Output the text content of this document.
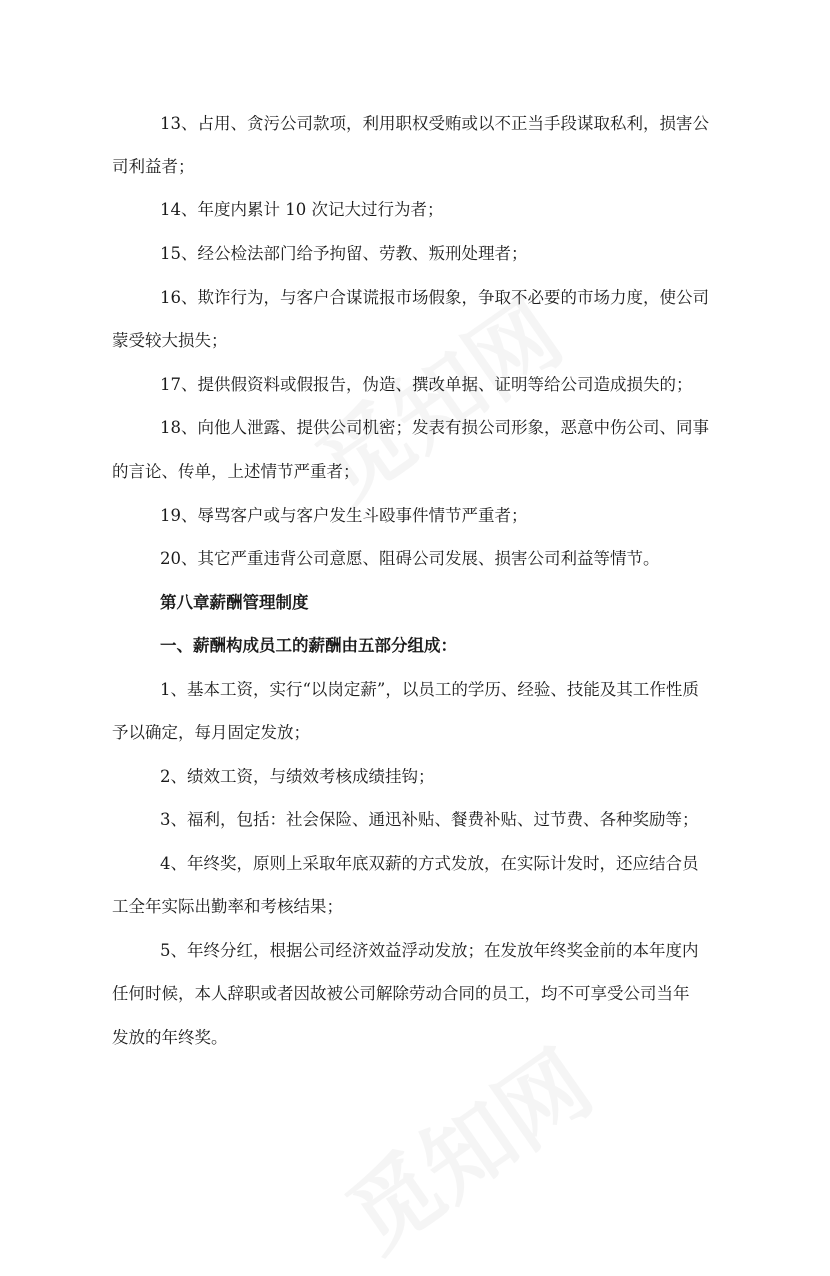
13、占用、贪污公司款项，利用职权受贿或以不正当手段谋取私利，损害公
司利益者；
14、年度内累计 10 次记大过行为者；
15、经公检法部门给予拘留、劳教、叛刑处理者；
16、欺诈行为，与客户合谋谎报市场假象，争取不必要的市场力度，使公司
蒙受较大损失；
17、提供假资料或假报告，伪造、撰改单据、证明等给公司造成损失的；
18、向他人泄露、提供公司机密；发表有损公司形象，恶意中伤公司、同事
的言论、传单，上述情节严重者；
19、辱骂客户或与客户发生斗殴事件情节严重者；
20、其它严重违背公司意愿、阻碍公司发展、损害公司利益等情节。
第八章薪酬管理制度
一、薪酬构成员工的薪酬由五部分组成：
1、基本工资，实行“以岗定薪”，以员工的学历、经验、技能及其工作性质
予以确定，每月固定发放；
2、绩效工资，与绩效考核成绩挂钩；
3、福利，包括：社会保险、通迅补贴、餐费补贴、过节费、各种奖励等；
4、年终奖，原则上采取年底双薪的方式发放，在实际计发时，还应结合员
工全年实际出勤率和考核结果；
5、年终分红，根据公司经济效益浮动发放；在发放年终奖金前的本年度内
任何时候，本人辞职或者因故被公司解除劳动合同的员工，均不可享受公司当年
发放的年终奖。
